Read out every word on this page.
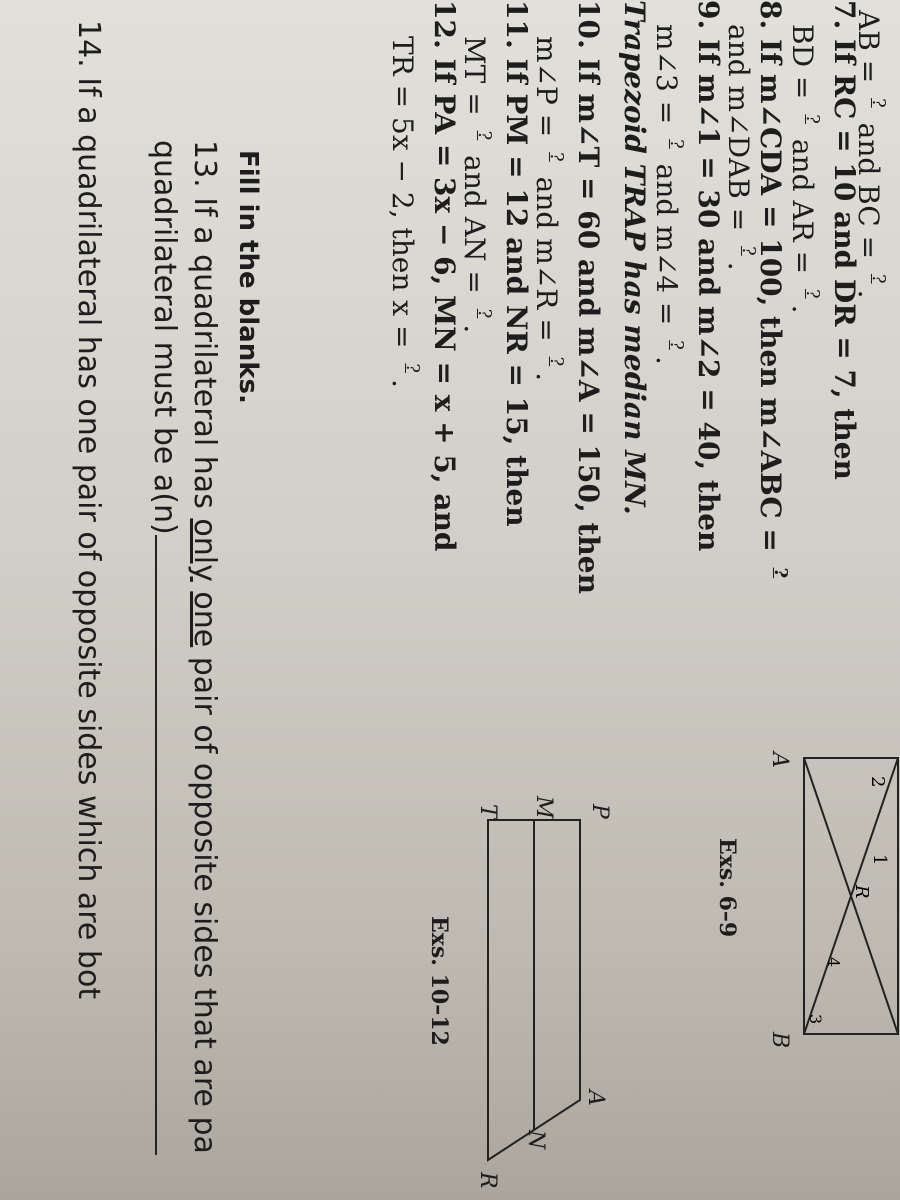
AB = ? and BC = ?.
7. If RC = 10 and DR = 7, then
BD = ? and AR = ?.
8. If m∠CDA = 100, then m∠ABC = ?
and m∠DAB = ?.
9. If m∠1 = 30 and m∠2 = 40, then
m∠3 = ? and m∠4 = ?.
2
1
R
4
3
A
B
Exs. 6–9
Trapezoid TRAP has median MN.
10. If m∠T = 60 and m∠A = 150, then
m∠P = ? and m∠R = ?.
11. If PM = 12 and NR = 15, then
MT = ? and AN = ?.
12. If PA = 3x − 6, MN = x + 5, and
TR = 5x − 2, then x = ?.
P
A
M
N
T
R
Exs. 10–12
Fill in the blanks.
13. If a quadrilateral has only one pair of opposite sides that are pa
quadrilateral must be a(n)
14. If a quadrilateral has one pair of opposite sides which are bot
